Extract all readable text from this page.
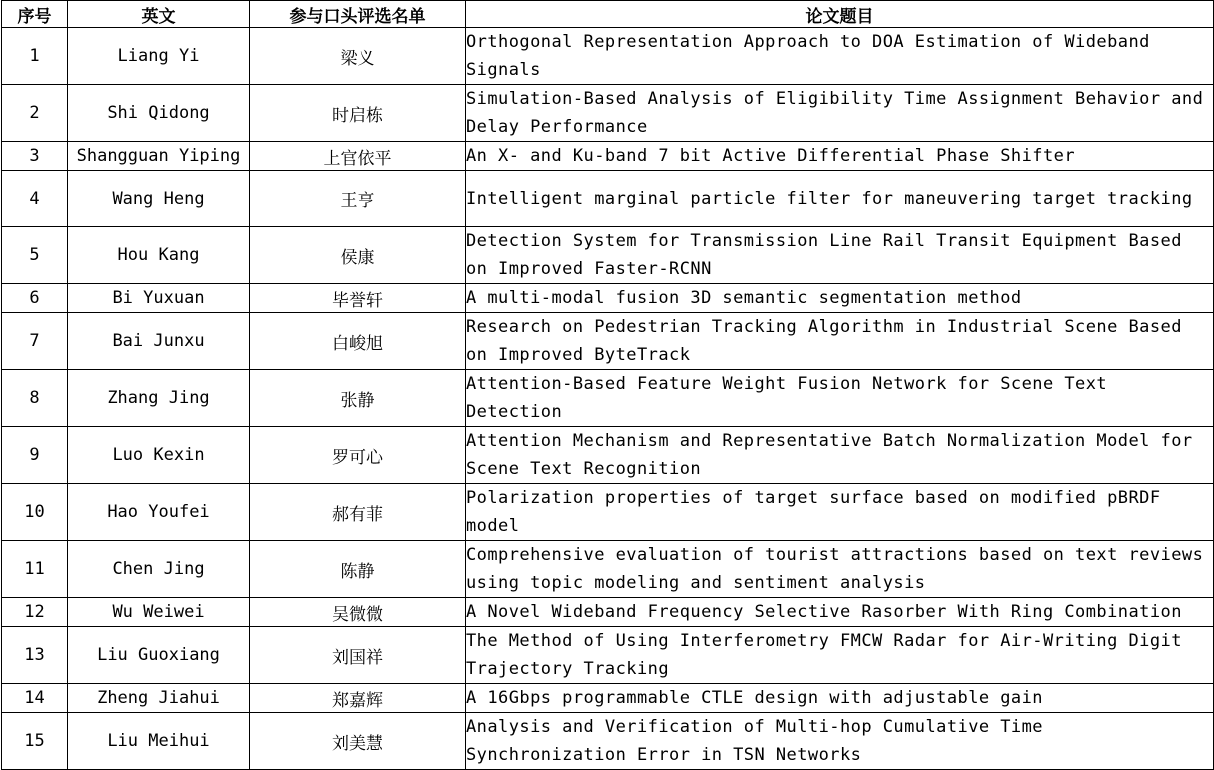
序号	英文	参与口头评选名单	论文题目
1	Liang Yi	梁义	Orthogonal Representation Approach to DOA Estimation of Wideband Signals
2	Shi Qidong	时启栋	Simulation-Based Analysis of Eligibility Time Assignment Behavior and Delay Performance
3	Shangguan Yiping	上官依平	An X- and Ku-band 7 bit Active Differential Phase Shifter
4	Wang Heng	王亨	Intelligent marginal particle filter for maneuvering target tracking
5	Hou Kang	侯康	Detection System for Transmission Line Rail Transit Equipment Based on Improved Faster-RCNN
6	Bi Yuxuan	毕誉轩	A multi-modal fusion 3D semantic segmentation method
7	Bai Junxu	白峻旭	Research on Pedestrian Tracking Algorithm in Industrial Scene Based on Improved ByteTrack
8	Zhang Jing	张静	Attention-Based Feature Weight Fusion Network for Scene Text Detection
9	Luo Kexin	罗可心	Attention Mechanism and Representative Batch Normalization Model for Scene Text Recognition
10	Hao Youfei	郝有菲	Polarization properties of target surface based on modified pBRDF model
11	Chen Jing	陈静	Comprehensive evaluation of tourist attractions based on text reviews using topic modeling and sentiment analysis
12	Wu Weiwei	吴微微	A Novel Wideband Frequency Selective Rasorber With Ring Combination
13	Liu Guoxiang	刘国祥	The Method of Using Interferometry FMCW Radar for Air-Writing Digit Trajectory Tracking
14	Zheng Jiahui	郑嘉辉	A 16Gbps programmable CTLE design with adjustable gain
15	Liu Meihui	刘美慧	Analysis and Verification of Multi-hop Cumulative Time Synchronization Error in TSN Networks
